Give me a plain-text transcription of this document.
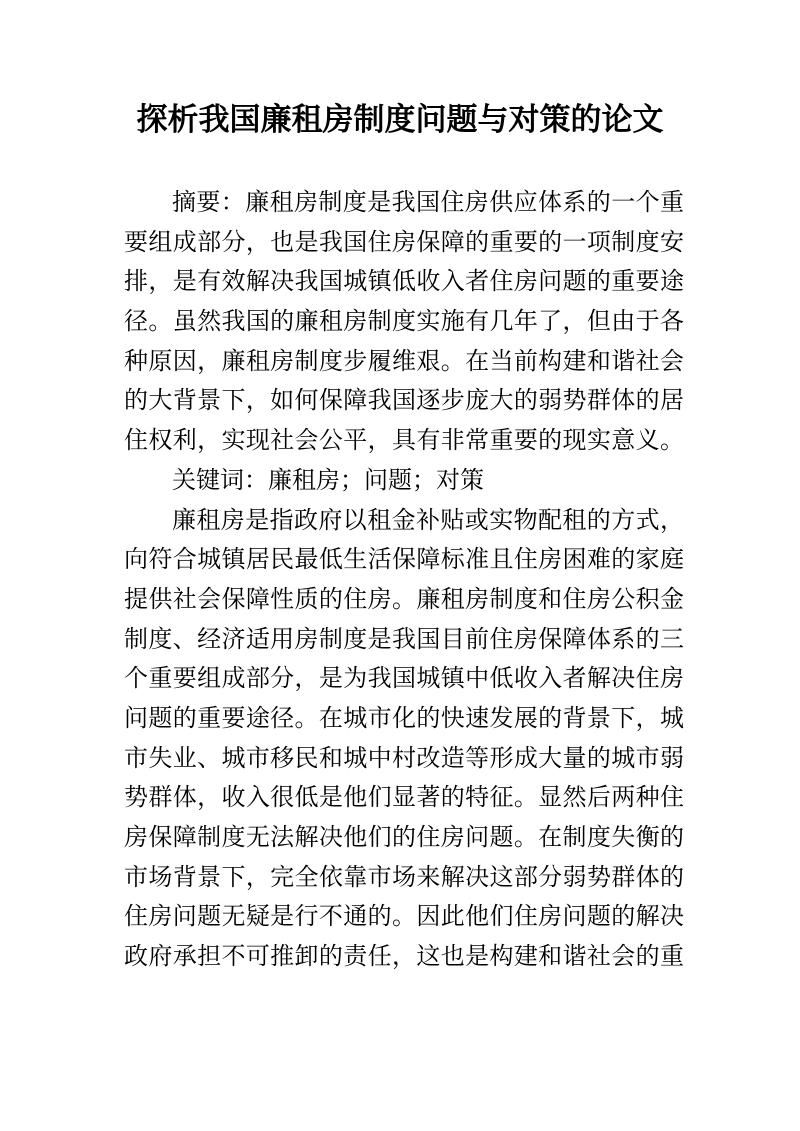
探析我国廉租房制度问题与对策的论文
摘要：廉租房制度是我国住房供应体系的一个重
要组成部分，也是我国住房保障的重要的一项制度安
排，是有效解决我国城镇低收入者住房问题的重要途
径。虽然我国的廉租房制度实施有几年了，但由于各
种原因，廉租房制度步履维艰。在当前构建和谐社会
的大背景下，如何保障我国逐步庞大的弱势群体的居
住权利，实现社会公平，具有非常重要的现实意义。
关键词：廉租房；问题；对策
廉租房是指政府以租金补贴或实物配租的方式，
向符合城镇居民最低生活保障标准且住房困难的家庭
提供社会保障性质的住房。廉租房制度和住房公积金
制度、经济适用房制度是我国目前住房保障体系的三
个重要组成部分，是为我国城镇中低收入者解决住房
问题的重要途径。在城市化的快速发展的背景下，城
市失业、城市移民和城中村改造等形成大量的城市弱
势群体，收入很低是他们显著的特征。显然后两种住
房保障制度无法解决他们的住房问题。在制度失衡的
市场背景下，完全依靠市场来解决这部分弱势群体的
住房问题无疑是行不通的。因此他们住房问题的解决
政府承担不可推卸的责任，这也是构建和谐社会的重
